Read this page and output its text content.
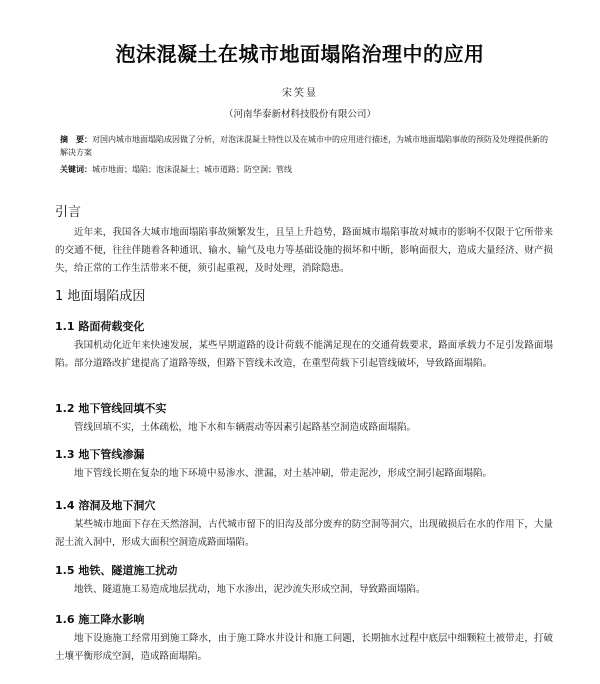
泡沫混凝土在城市地面塌陷治理中的应用
宋笑显
（河南华泰新材科技股份有限公司）
摘　要：对国内城市地面塌陷成因做了分析，对泡沫混凝土特性以及在城市中的应用进行描述，为城市地面塌陷事故的预防及处理提供新的解决方案
关键词：城市地面；塌陷；泡沫混凝土；城市道路；防空洞；管线
引言
近年来，我国各大城市地面塌陷事故频繁发生，且呈上升趋势，路面城市塌陷事故对城市的影响不仅限于它所带来的交通不便，往往伴随着各种通讯、输水、输气及电力等基础设施的损坏和中断，影响面很大，造成大量经济、财产损失，给正常的工作生活带来不便，须引起重视，及时处理，消除隐患。
1 地面塌陷成因
1.1 路面荷载变化
我国机动化近年来快速发展，某些早期道路的设计荷载不能满足现在的交通荷载要求，路面承载力不足引发路面塌陷。部分道路改扩建提高了道路等级，但路下管线未改造，在重型荷载下引起管线破坏，导致路面塌陷。
1.2 地下管线回填不实
管线回填不实，土体疏松，地下水和车辆震动等因素引起路基空洞造成路面塌陷。
1.3 地下管线渗漏
地下管线长期在复杂的地下环境中易渗水、泄漏，对土基冲刷，带走泥沙，形成空洞引起路面塌陷。
1.4 溶洞及地下洞穴
某些城市地面下存在天然溶洞，古代城市留下的旧沟及部分废弃的防空洞等洞穴，出现破损后在水的作用下，大量泥土流入洞中，形成大面积空洞造成路面塌陷。
1.5 地铁、隧道施工扰动
地铁、隧道施工易造成地层扰动，地下水渗出，泥沙流失形成空洞，导致路面塌陷。
1.6 施工降水影响
地下设施施工经常用到施工降水，由于施工降水井设计和施工问题，长期抽水过程中底层中细颗粒土被带走，打破土壤平衡形成空洞，造成路面塌陷。
